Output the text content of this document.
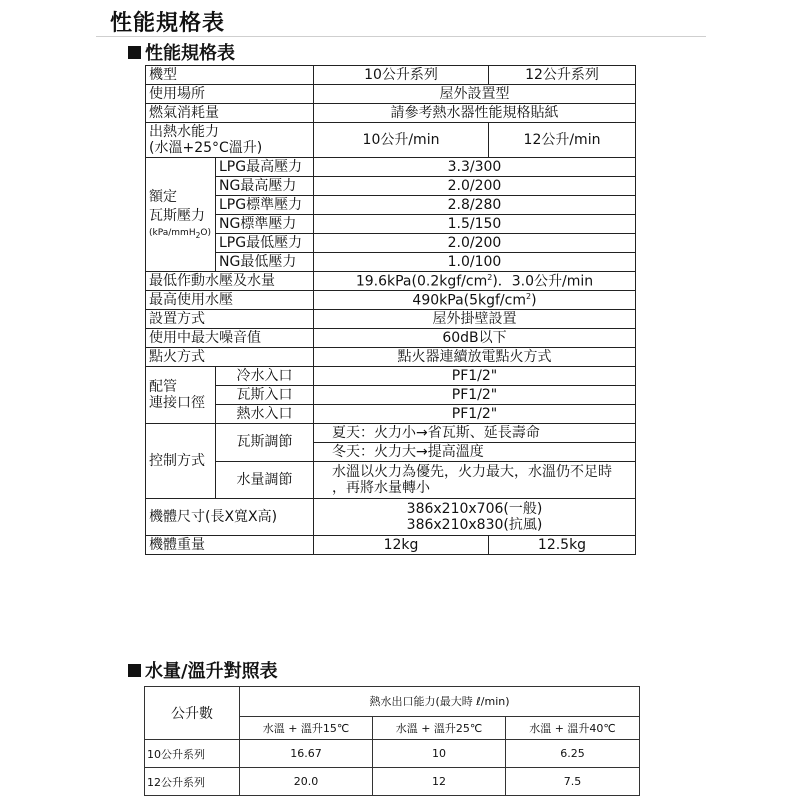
性能規格表
性能規格表
機型		10公升系列	12公升系列
使用場所		屋外設置型	
燃氣消耗量		請參考熱水器性能規格貼紙	

出熱水能力
(水溫+25°C溫升)		10公升/min	12公升/min

額定
瓦斯壓力
(kPa/mmH$_2$O)	LPG最高壓力	3.3/300	
	NG最高壓力	2.0/200	
	LPG標準壓力	2.8/280	
	NG標準壓力	1.5/150	
	LPG最低壓力	2.0/200	
	NG最低壓力	1.0/100	
最低作動水壓及水量		$19.6kPa(0.2kgf/cm^2)$．3.0公升/min	
最高使用水壓		$490kPa(5kgf/cm^2)$	
設置方式		屋外掛壁設置	
使用中最大噪音值		60dB以下	
點火方式		點火器連續放電點火方式	

配管
連接口徑	冷水入口	PF1/2"	
	瓦斯入口	PF1/2"	
	熱水入口	PF1/2"	
控制方式	瓦斯調節	夏天：火力小→省瓦斯、延長壽命	
		冬天：火力大→提高溫度	
	水量調節	水溫以火力為優先，火力最大，水溫仍不足時
，再將水量轉小	

機體尺寸(長X寬X高)		386x210x706(一般)
386x210x830(抗風)	

機體重量		12kg	12.5kg
水量/溫升對照表
公升數	熱水出口能力(最大時 ℓ/min)		
	水溫 + 溫升15℃	水溫 + 溫升25℃	水溫 + 溫升40℃
10公升系列	16.67	10	6.25
12公升系列	20.0	12	7.5
